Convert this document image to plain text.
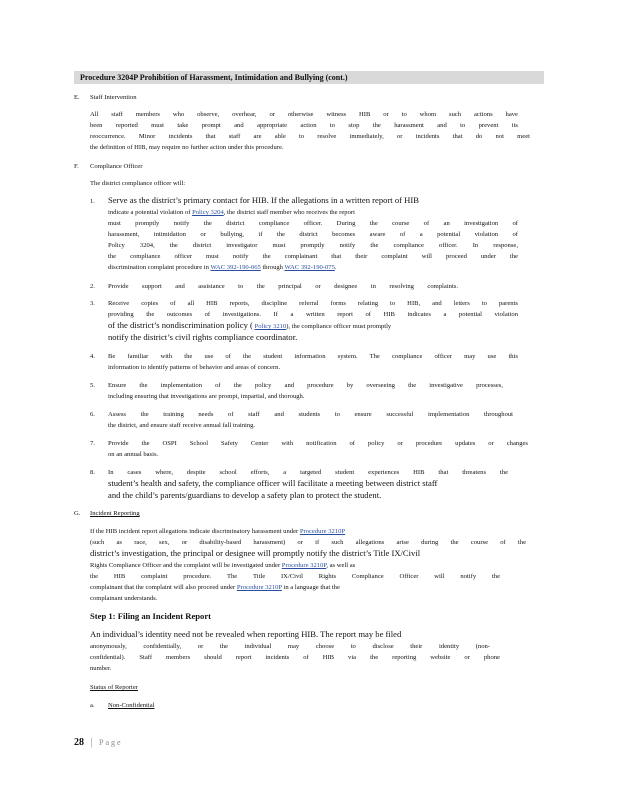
Procedure 3204P Prohibition of Harassment, Intimidation and Bullying (cont.)
E. Staff Intervention
All staff members who observe, overhear, or otherwise witness HIB or to whom such actions have
been reported must take prompt and appropriate action to stop the harassment and to prevent its
reoccurrence. Minor incidents that staff are able to resolve immediately, or incidents that do not meet
the definition of HIB, may require no further action under this procedure.
F. Compliance Officer
The district compliance officer will:
1. Serve as the district’s primary contact for HIB. If the allegations in a written report of HIB
indicate a potential violation of Policy 3204, the district staff member who receives the report
must promptly notify the district compliance officer. During the course of an investigation of
harassment, intimidation or bullying, if the district becomes aware of a potential violation of
Policy 3204, the district investigator must promptly notify the compliance officer. In response,
the compliance officer must notify the complainant that their complaint will proceed under the
discrimination complaint procedure in WAC 392-190-065 through WAC 392-190-075.
2. Provide support and assistance to the principal or designee in resolving complaints.
3. Receive copies of all HIB reports, discipline referral forms relating to HIB, and letters to parents
providing the outcomes of investigations. If a written report of HIB indicates a potential violation
of the district’s nondiscrimination policy ( Policy 3210), the compliance officer must promptly
notify the district’s civil rights compliance coordinator.
4. Be familiar with the use of the student information system. The compliance officer may use this
information to identify patterns of behavior and areas of concern.
5. Ensure the implementation of the policy and procedure by overseeing the investigative processes,
including ensuring that investigations are prompt, impartial, and thorough.
6. Assess the training needs of staff and students to ensure successful implementation throughout
the district, and ensure staff receive annual fall training.
7. Provide the OSPI School Safety Center with notification of policy or procedure updates or changes
on an annual basis.
8. In cases where, despite school efforts, a targeted student experiences HIB that threatens the
student’s health and safety, the compliance officer will facilitate a meeting between district staff
and the child’s parents/guardians to develop a safety plan to protect the student.
G. Incident Reporting
If the HIB incident report allegations indicate discriminatory harassment under Procedure 3210P
(such as race, sex, or disability-based harassment) or if such allegations arise during the course of the
district’s investigation, the principal or designee will promptly notify the district’s Title IX/Civil
Rights Compliance Officer and the complaint will be investigated under Procedure 3210P, as well as
the HIB complaint procedure. The Title IX/Civil Rights Compliance Officer will notify the
complainant that the complaint will also proceed under Procedure 3210P in a language that the
complainant understands.
Step 1: Filing an Incident Report
An individual’s identity need not be revealed when reporting HIB. The report may be filed
anonymously, confidentially, or the individual may choose to disclose their identity (non-
confidential). Staff members should report incidents of HIB via the reporting website or phone
number.
Status of Reporter
a. Non-Confidential
28 | Page
